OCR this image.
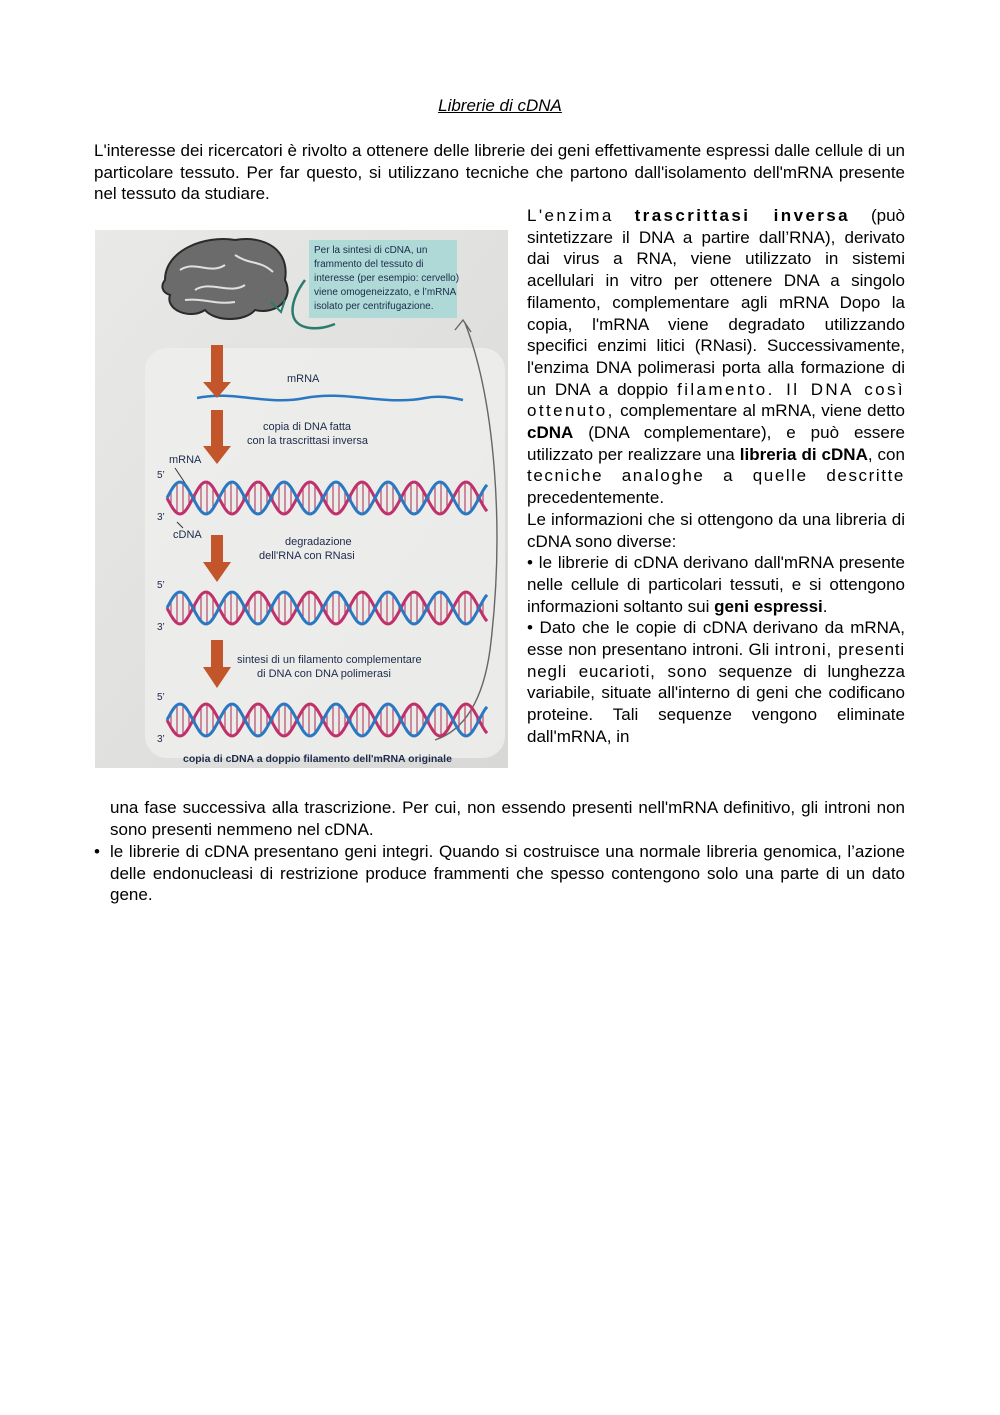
Librerie di cDNA

L'interesse dei ricercatori è rivolto a ottenere delle librerie dei geni effettivamente espressi dalle cellule di un particolare tessuto. Per far questo, si utilizzano tecniche che partono dall'isolamento dell'mRNA presente nel tessuto da studiare.

Per la sintesi di cDNA, un
frammento del tessuto di
interesse (per esempio: cervello)
viene omogeneizzato, e l’mRNA
isolato per centrifugazione.
mRNA
copia di DNA fatta
con la trascrittasi inversa
mRNA
5’
3’
cDNA
degradazione
dell'RNA con RNasi
5’
3’
sintesi di un filamento complementare
di DNA con DNA polimerasi
5’
3’
copia di cDNA a doppio filamento dell'mRNA originale

L'enzima trascrittasi inversa (può sintetizzare il DNA a partire dall’RNA), derivato dai virus a RNA, viene utilizzato in sistemi acellulari in vitro per ottenere DNA a singolo filamento, complementare agli mRNA Dopo la copia, l'mRNA viene degradato utilizzando specifici enzimi litici (RNasi). Successivamente, l'enzima DNA polimerasi porta alla formazione di un DNA a doppio filamento. Il DNA così ottenuto, complementare al mRNA, viene detto cDNA (DNA complementare), e può essere utilizzato per realizzare una libreria di cDNA, con tecniche analoghe a quelle descritte precedentemente.

Le informazioni che si ottengono da una libreria di cDNA sono diverse:

• le librerie di cDNA derivano dall'mRNA presente nelle cellule di particolari tessuti, e si ottengono informazioni soltanto sui geni espressi.

• Dato che le copie di cDNA derivano da mRNA, esse non presentano introni. Gli introni, presenti negli eucarioti, sono sequenze di lunghezza variabile, situate all'interno di geni che codificano proteine. Tali sequenze vengono eliminate dall'mRNA, in

una fase successiva alla trascrizione. Per cui, non essendo presenti nell'mRNA definitivo, gli introni non sono presenti nemmeno nel cDNA.

• le librerie di cDNA presentano geni integri. Quando si costruisce una normale libreria genomica, l’azione delle endonucleasi di restrizione produce frammenti che spesso contengono solo una parte di un dato gene.
